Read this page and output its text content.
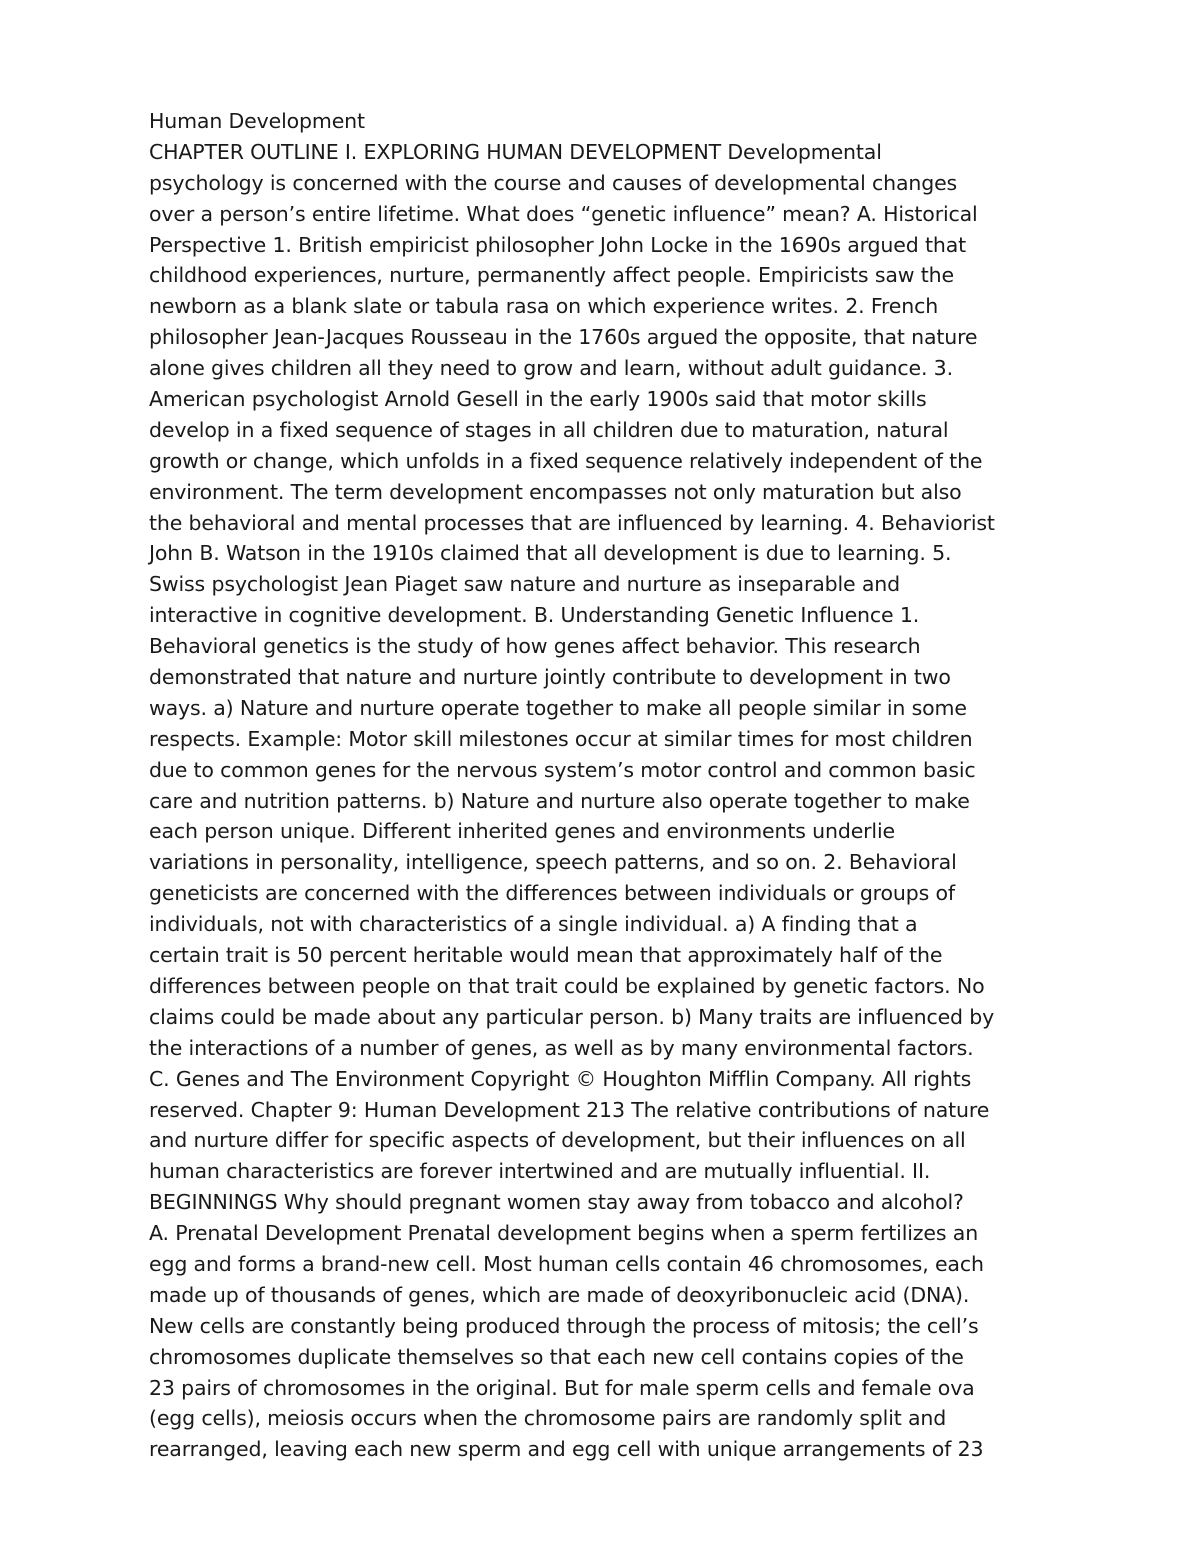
Human Development
CHAPTER OUTLINE I. EXPLORING HUMAN DEVELOPMENT Developmental
psychology is concerned with the course and causes of developmental changes
over a person’s entire lifetime. What does “genetic influence” mean? A. Historical
Perspective 1. British empiricist philosopher John Locke in the 1690s argued that
childhood experiences, nurture, permanently affect people. Empiricists saw the
newborn as a blank slate or tabula rasa on which experience writes. 2. French
philosopher Jean-Jacques Rousseau in the 1760s argued the opposite, that nature
alone gives children all they need to grow and learn, without adult guidance. 3.
American psychologist Arnold Gesell in the early 1900s said that motor skills
develop in a fixed sequence of stages in all children due to maturation, natural
growth or change, which unfolds in a fixed sequence relatively independent of the
environment. The term development encompasses not only maturation but also
the behavioral and mental processes that are influenced by learning. 4. Behaviorist
John B. Watson in the 1910s claimed that all development is due to learning. 5.
Swiss psychologist Jean Piaget saw nature and nurture as inseparable and
interactive in cognitive development. B. Understanding Genetic Influence 1.
Behavioral genetics is the study of how genes affect behavior. This research
demonstrated that nature and nurture jointly contribute to development in two
ways. a) Nature and nurture operate together to make all people similar in some
respects. Example: Motor skill milestones occur at similar times for most children
due to common genes for the nervous system’s motor control and common basic
care and nutrition patterns. b) Nature and nurture also operate together to make
each person unique. Different inherited genes and environments underlie
variations in personality, intelligence, speech patterns, and so on. 2. Behavioral
geneticists are concerned with the differences between individuals or groups of
individuals, not with characteristics of a single individual. a) A finding that a
certain trait is 50 percent heritable would mean that approximately half of the
differences between people on that trait could be explained by genetic factors. No
claims could be made about any particular person. b) Many traits are influenced by
the interactions of a number of genes, as well as by many environmental factors.
C. Genes and The Environment Copyright © Houghton Mifflin Company. All rights
reserved. Chapter 9: Human Development 213 The relative contributions of nature
and nurture differ for specific aspects of development, but their influences on all
human characteristics are forever intertwined and are mutually influential. II.
BEGINNINGS Why should pregnant women stay away from tobacco and alcohol?
A. Prenatal Development Prenatal development begins when a sperm fertilizes an
egg and forms a brand-new cell. Most human cells contain 46 chromosomes, each
made up of thousands of genes, which are made of deoxyribonucleic acid (DNA).
New cells are constantly being produced through the process of mitosis; the cell’s
chromosomes duplicate themselves so that each new cell contains copies of the
23 pairs of chromosomes in the original. But for male sperm cells and female ova
(egg cells), meiosis occurs when the chromosome pairs are randomly split and
rearranged, leaving each new sperm and egg cell with unique arrangements of 23
